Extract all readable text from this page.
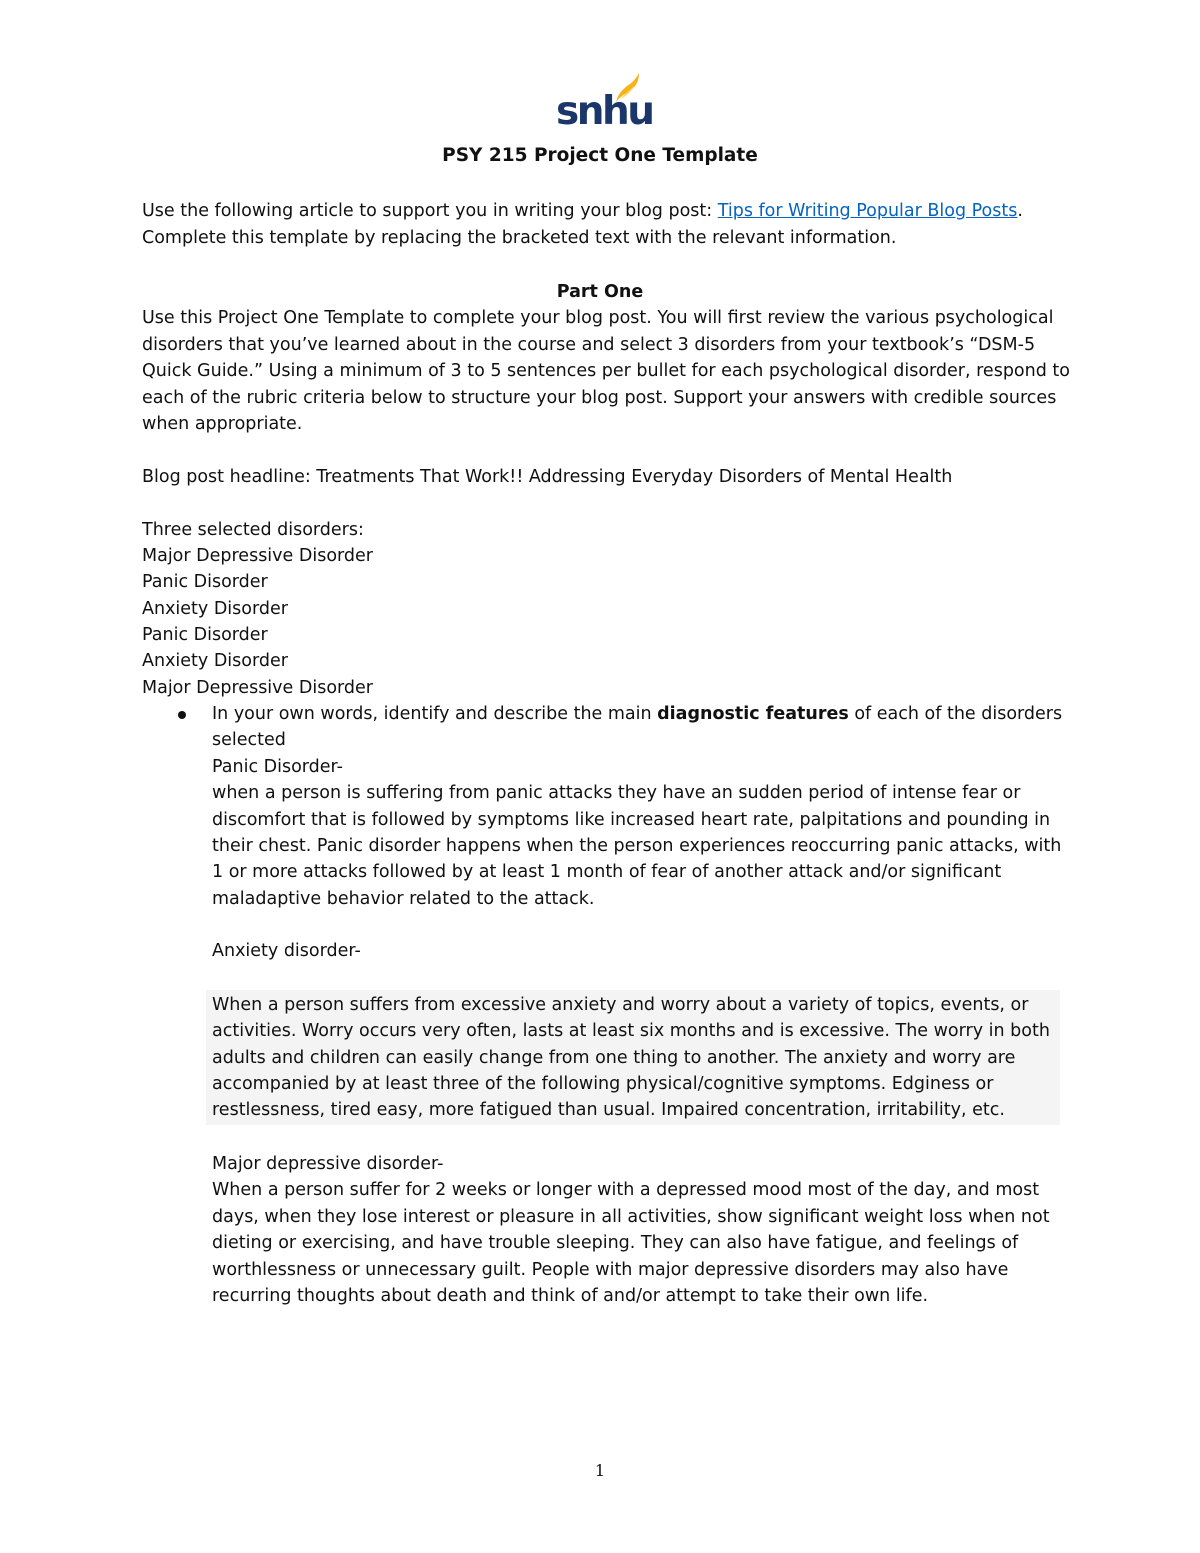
snhu
PSY 215 Project One Template
Use the following article to support you in writing your blog post: Tips for Writing Popular Blog Posts.
Complete this template by replacing the bracketed text with the relevant information.
Part One
Use this Project One Template to complete your blog post. You will first review the various psychological
disorders that you’ve learned about in the course and select 3 disorders from your textbook’s “DSM-5
Quick Guide.” Using a minimum of 3 to 5 sentences per bullet for each psychological disorder, respond to
each of the rubric criteria below to structure your blog post. Support your answers with credible sources
when appropriate.
Blog post headline: Treatments That Work!! Addressing Everyday Disorders of Mental Health
Three selected disorders:
Major Depressive Disorder
Panic Disorder
Anxiety Disorder
Panic Disorder
Anxiety Disorder
Major Depressive Disorder
In your own words, identify and describe the main diagnostic features of each of the disorders
selected
Panic Disorder-
when a person is suffering from panic attacks they have an sudden period of intense fear or
discomfort that is followed by symptoms like increased heart rate, palpitations and pounding in
their chest. Panic disorder happens when the person experiences reoccurring panic attacks, with
1 or more attacks followed by at least 1 month of fear of another attack and/or significant
maladaptive behavior related to the attack.
Anxiety disorder-
When a person suffers from excessive anxiety and worry about a variety of topics, events, or
activities. Worry occurs very often, lasts at least six months and is excessive. The worry in both
adults and children can easily change from one thing to another. The anxiety and worry are
accompanied by at least three of the following physical/cognitive symptoms. Edginess or
restlessness, tired easy, more fatigued than usual. Impaired concentration, irritability, etc.
Major depressive disorder-
When a person suffer for 2 weeks or longer with a depressed mood most of the day, and most
days, when they lose interest or pleasure in all activities, show significant weight loss when not
dieting or exercising, and have trouble sleeping. They can also have fatigue, and feelings of
worthlessness or unnecessary guilt. People with major depressive disorders may also have
recurring thoughts about death and think of and/or attempt to take their own life.
1
